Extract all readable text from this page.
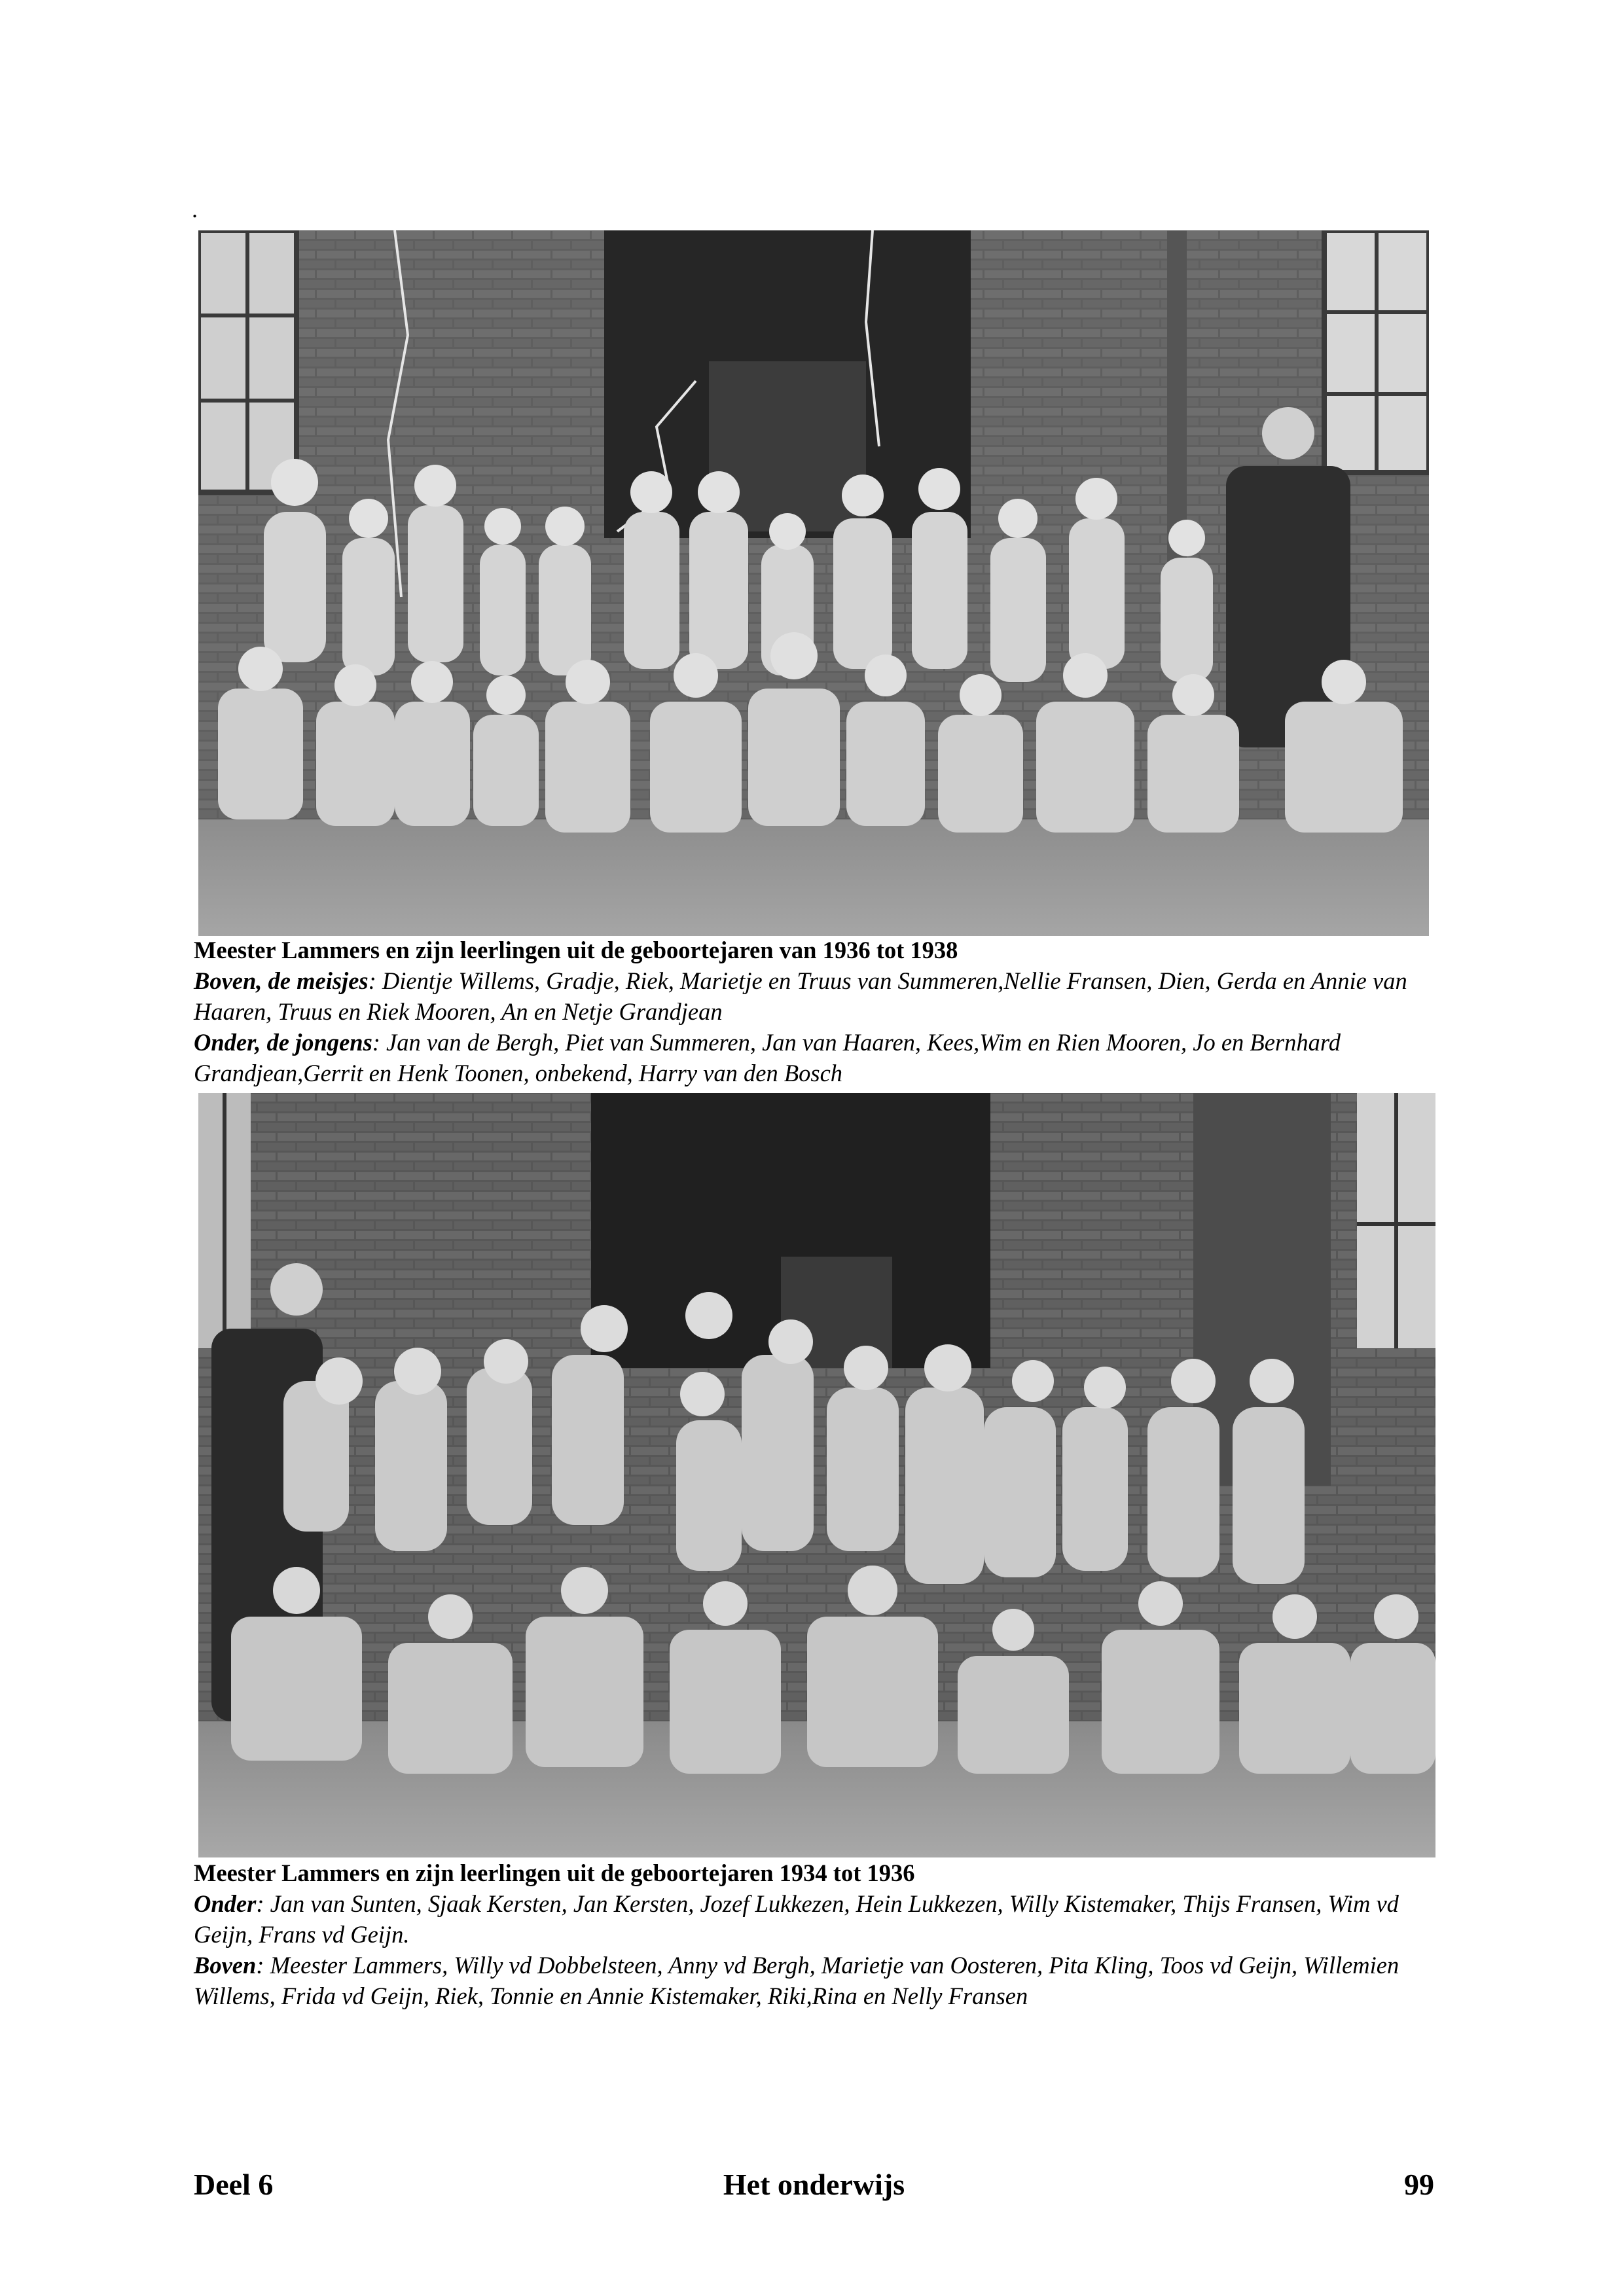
.
Meester Lammers en zijn leerlingen uit de geboortejaren van 1936 tot 1938
Boven, de meisjes: Dientje Willems, Gradje, Riek, Marietje en Truus van Summeren,Nellie Fransen, Dien, Gerda en Annie van Haaren, Truus en Riek Mooren, An en Netje Grandjean
Onder, de jongens: Jan van de Bergh, Piet van Summeren, Jan van Haaren, Kees,Wim en Rien Mooren, Jo en Bernhard Grandjean,Gerrit en Henk Toonen, onbekend, Harry van den Bosch
Meester Lammers en zijn leerlingen uit de geboortejaren 1934 tot 1936
Onder: Jan van Sunten, Sjaak Kersten, Jan Kersten, Jozef Lukkezen, Hein Lukkezen, Willy Kistemaker, Thijs Fransen, Wim vd Geijn, Frans vd Geijn.
Boven: Meester Lammers, Willy vd Dobbelsteen, Anny vd Bergh, Marietje van Oosteren, Pita Kling, Toos vd Geijn, Willemien Willems, Frida vd Geijn, Riek, Tonnie en Annie Kistemaker, Riki,Rina en Nelly Fransen
Deel 6	Het onderwijs	99
